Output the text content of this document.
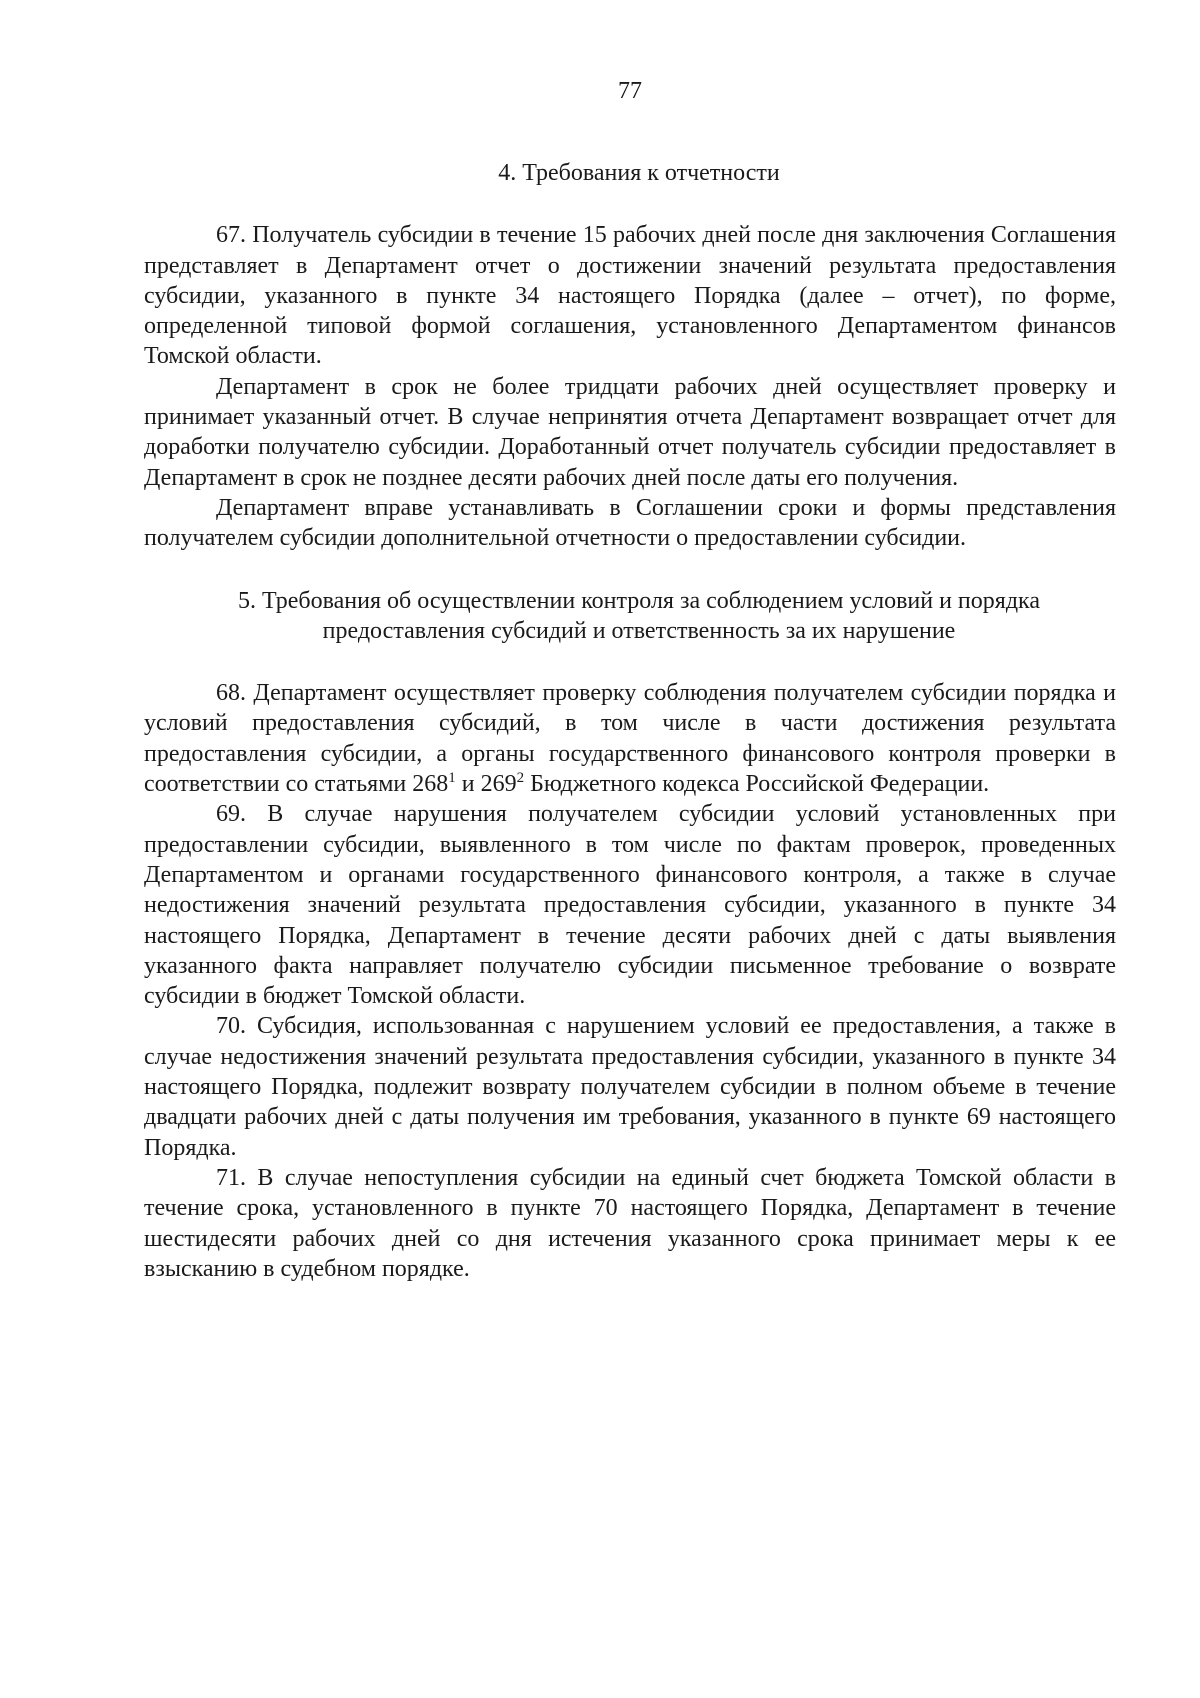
77
4. Требования к отчетности

67. Получатель субсидии в течение 15 рабочих дней после дня заключения Соглашения представляет в Департамент отчет о достижении значений результата предоставления субсидии, указанного в пункте 34 настоящего Порядка (далее – отчет), по форме, определенной типовой формой соглашения, установленного Департаментом финансов Томской области.

Департамент в срок не более тридцати рабочих дней осуществляет проверку и принимает указанный отчет. В случае непринятия отчета Департамент возвращает отчет для доработки получателю субсидии. Доработанный отчет получатель субсидии предоставляет в Департамент в срок не позднее десяти рабочих дней после даты его получения.

Департамент вправе устанавливать в Соглашении сроки и формы представления получателем субсидии дополнительной отчетности о предоставлении субсидии.

5. Требования об осуществлении контроля за соблюдением условий и порядка
предоставления субсидий и ответственность за их нарушение

68. Департамент осуществляет проверку соблюдения получателем субсидии порядка и условий предоставления субсидий, в том числе в части достижения результата предоставления субсидии, а органы государственного финансового контроля проверки в соответствии со статьями $268^1$ и $269^2$ Бюджетного кодекса Российской Федерации.

69. В случае нарушения получателем субсидии условий установленных при предоставлении субсидии, выявленного в том числе по фактам проверок, проведенных Департаментом и органами государственного финансового контроля, а также в случае недостижения значений результата предоставления субсидии, указанного в пункте 34 настоящего Порядка, Департамент в течение десяти рабочих дней с даты выявления указанного факта направляет получателю субсидии письменное требование о возврате субсидии в бюджет Томской области.

70. Субсидия, использованная с нарушением условий ее предоставления, а также в случае недостижения значений результата предоставления субсидии, указанного в пункте 34 настоящего Порядка, подлежит возврату получателем субсидии в полном объеме в течение двадцати рабочих дней с даты получения им требования, указанного в пункте 69 настоящего Порядка.

71. В случае непоступления субсидии на единый счет бюджета Томской области в течение срока, установленного в пункте 70 настоящего Порядка, Департамент в течение шестидесяти рабочих дней со дня истечения указанного срока принимает меры к ее взысканию в судебном порядке.
